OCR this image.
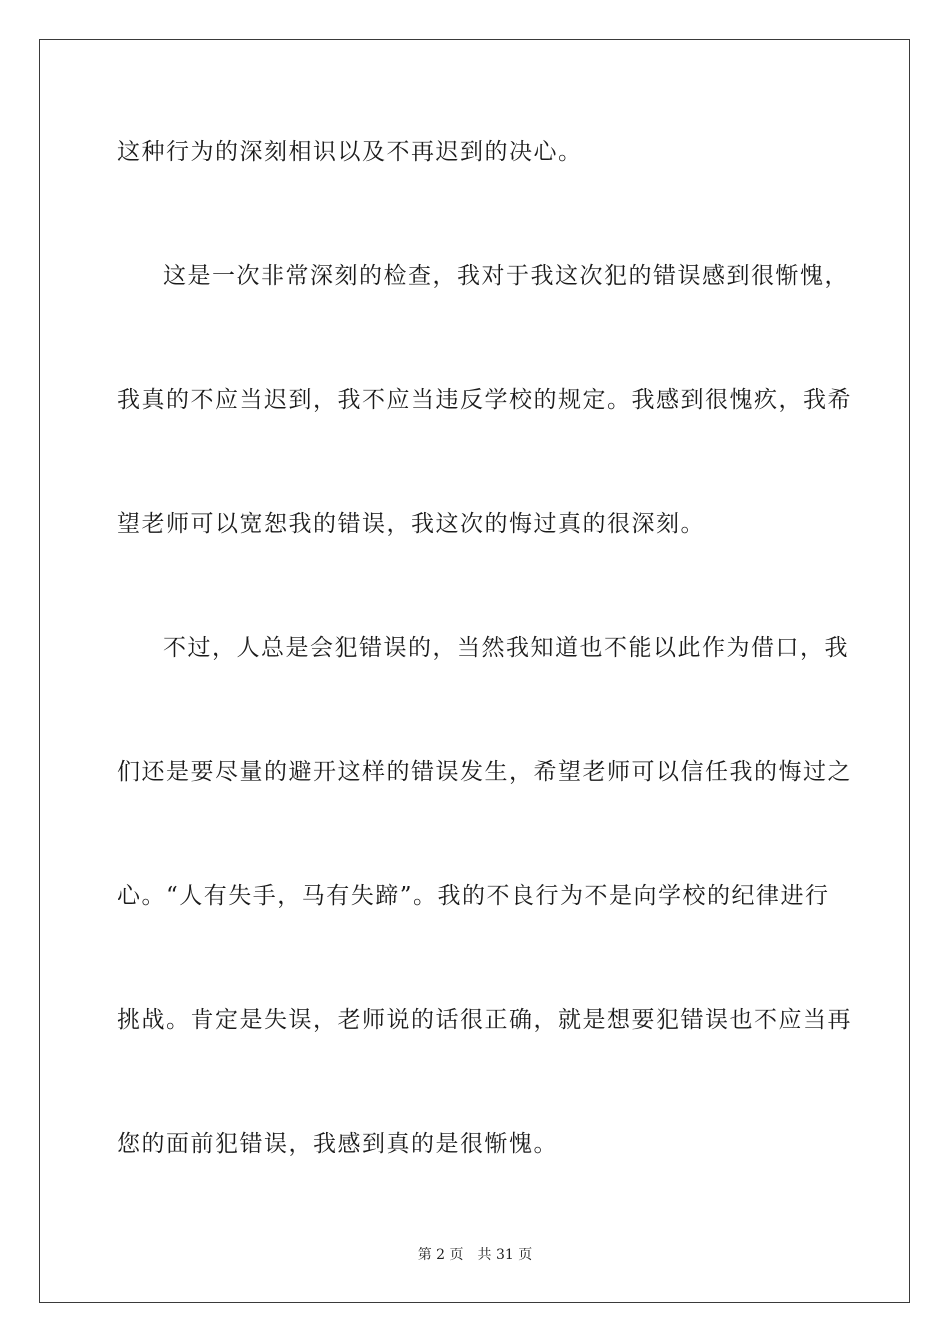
这种行为的深刻相识以及不再迟到的决心。
这是一次非常深刻的检查，我对于我这次犯的错误感到很惭愧，
我真的不应当迟到，我不应当违反学校的规定。我感到很愧疚，我希
望老师可以宽恕我的错误，我这次的悔过真的很深刻。
不过，人总是会犯错误的，当然我知道也不能以此作为借口，我
们还是要尽量的避开这样的错误发生，希望老师可以信任我的悔过之
心。“人有失手，马有失蹄”。我的不良行为不是向学校的纪律进行
挑战。肯定是失误，老师说的话很正确，就是想要犯错误也不应当再
您的面前犯错误，我感到真的是很惭愧。
第 2 页 共 31 页
